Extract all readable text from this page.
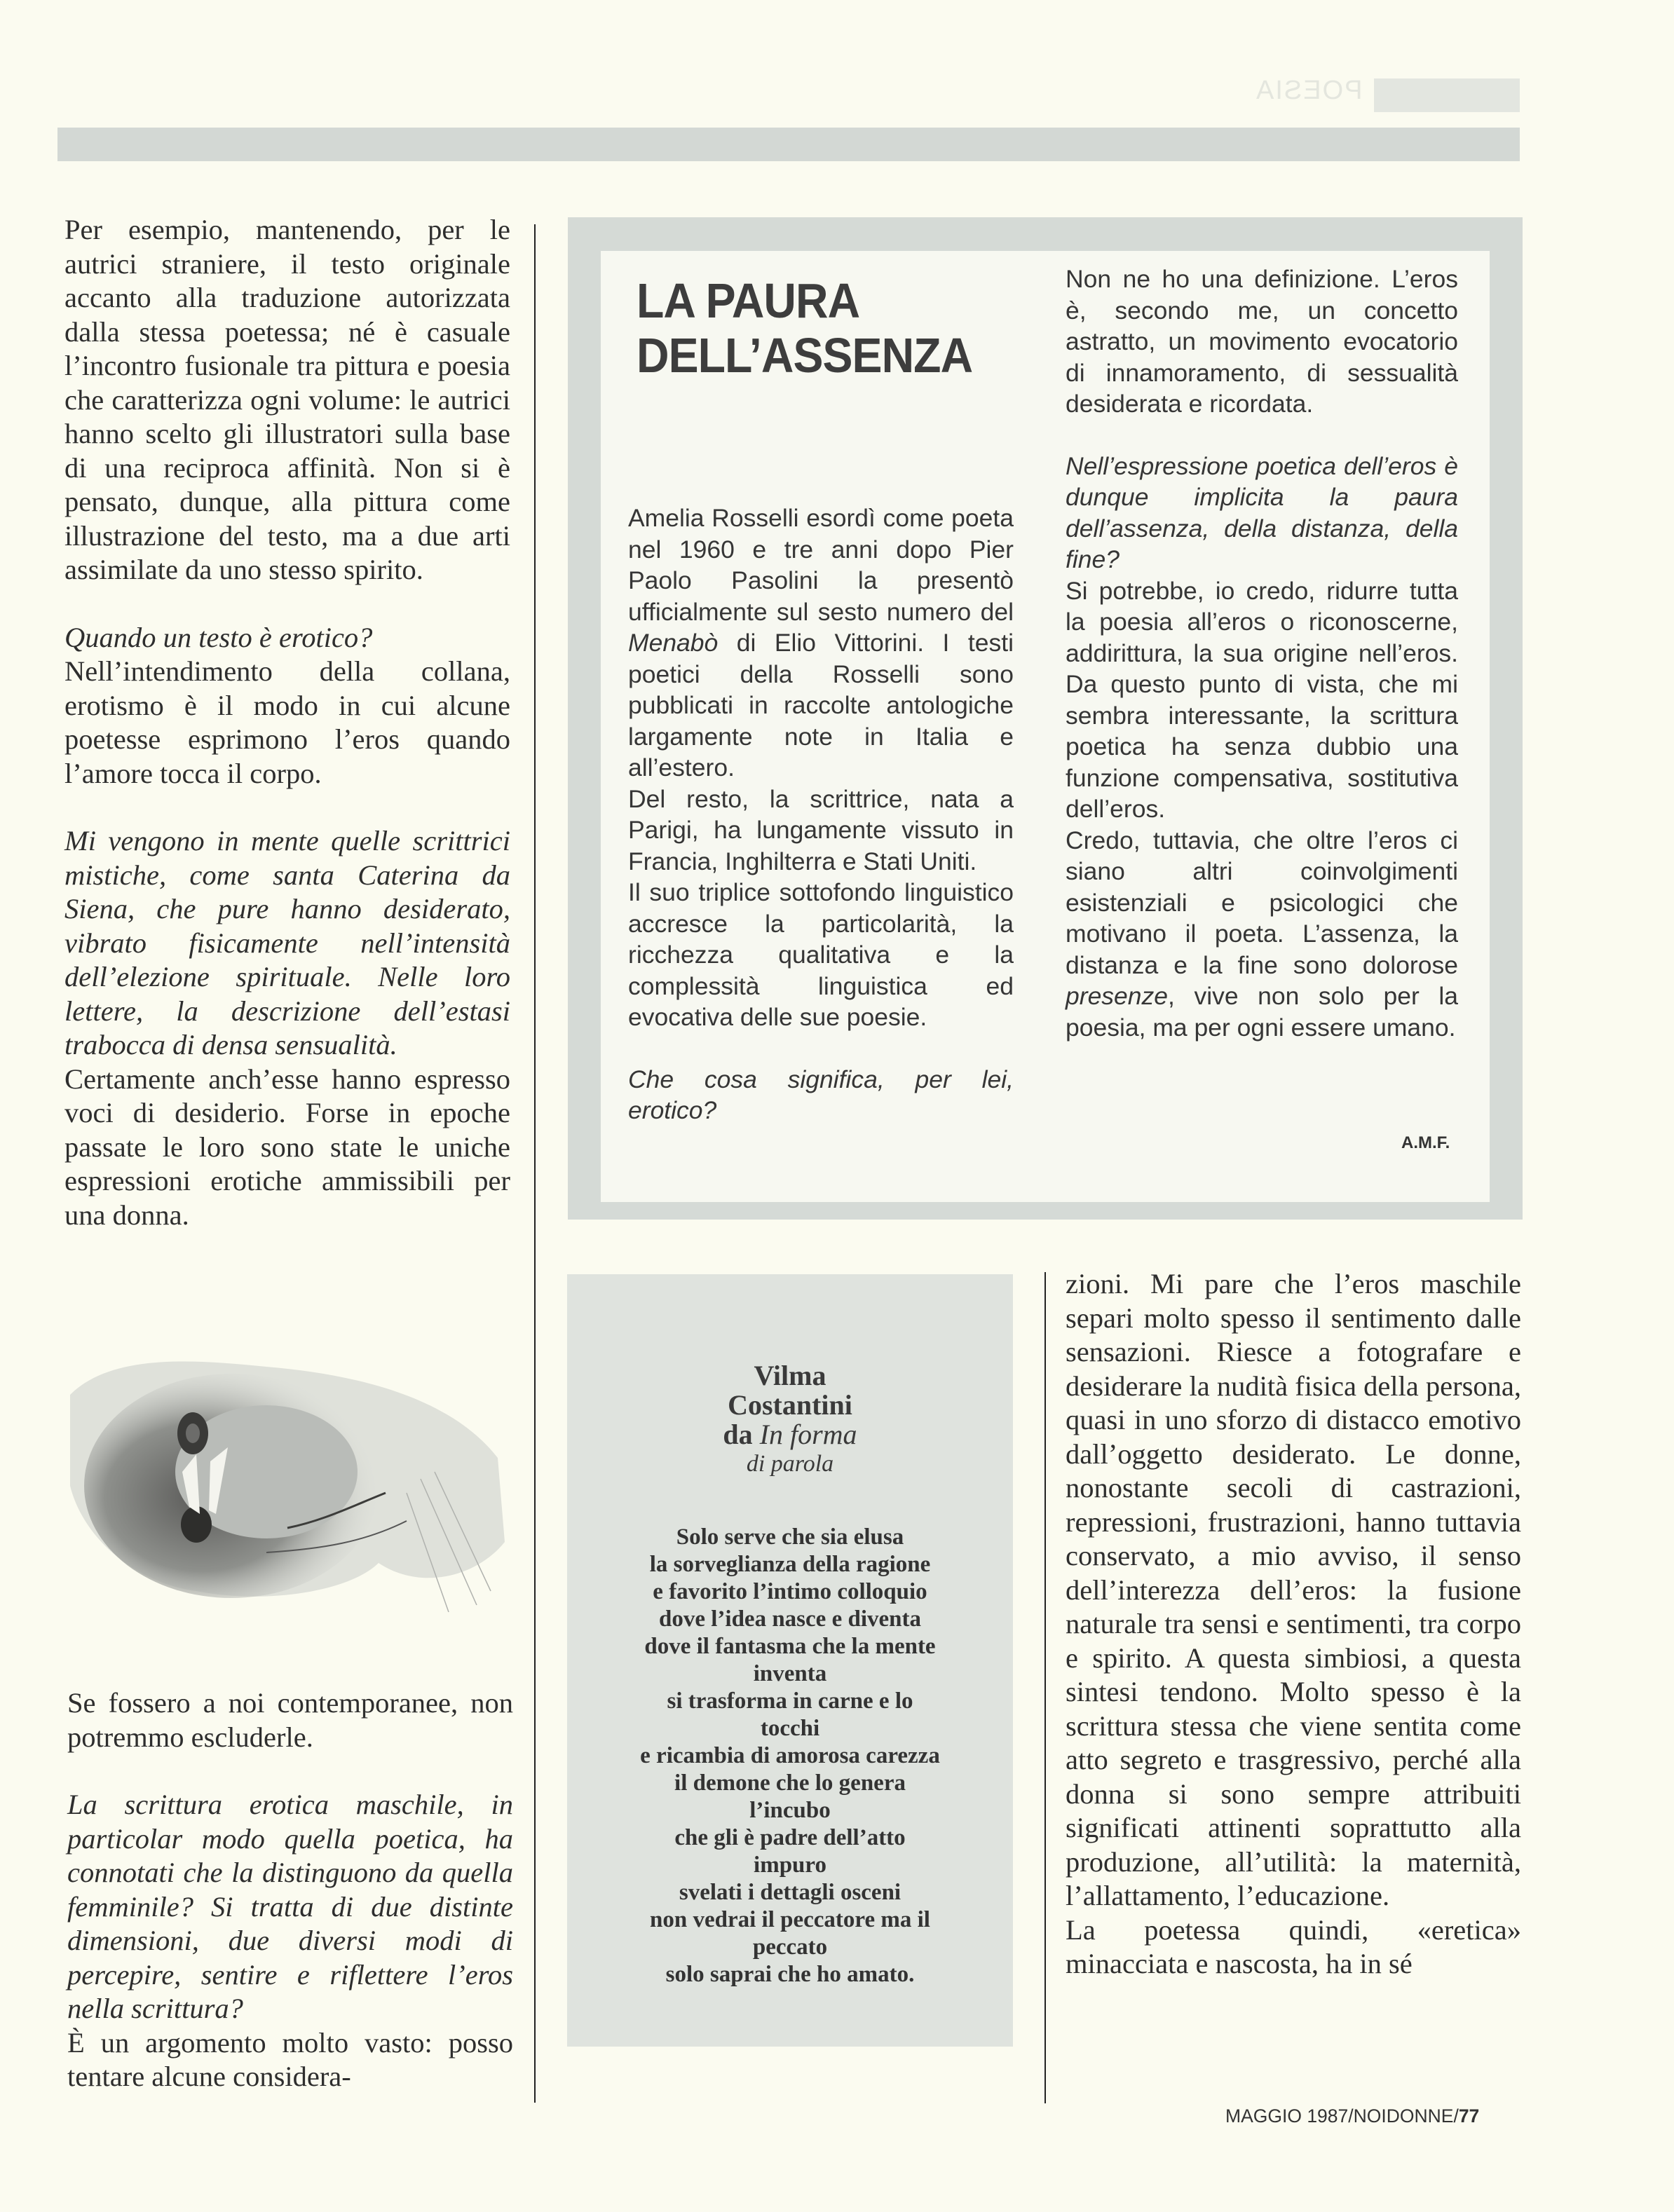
POESIA

Per esempio, mantenendo, per le autrici straniere, il testo originale accanto alla traduzione autorizzata dalla stessa poetessa; né è casuale l’incontro fusionale tra pittura e poesia che caratterizza ogni volume: le autrici hanno scelto gli illustratori sulla base di una reciproca affinità. Non si è pensato, dunque, alla pittura come illustrazione del testo, ma a due arti assimilate da uno stesso spirito.

Quando un testo è erotico?

Nell’intendimento della collana, erotismo è il modo in cui alcune poetesse esprimono l’eros quando l’amore tocca il corpo.

Mi vengono in mente quelle scrittrici mistiche, come santa Caterina da Siena, che pure hanno desiderato, vibrato fisicamente nell’intensità dell’elezione spirituale. Nelle loro lettere, la descrizione dell’estasi trabocca di densa sensualità.

Certamente anch’esse hanno espresso voci di desiderio. Forse in epoche passate le loro sono state le uniche espressioni erotiche ammissibili per una donna.

Se fossero a noi contemporanee, non potremmo escluderle.

La scrittura erotica maschile, in particolar modo quella poetica, ha connotati che la distinguono da quella femminile? Si tratta di due distinte dimensioni, due diversi modi di percepire, sentire e riflettere l’eros nella scrittura?

È un argomento molto vasto: posso tentare alcune considera-

LA PAURA
DELL’ASSENZA

Amelia Rosselli esordì come poeta nel 1960 e tre anni dopo Pier Paolo Pasolini la presentò ufficialmente sul sesto numero del Menabò di Elio Vittorini. I testi poetici della Rosselli sono pubblicati in raccolte antologiche largamente note in Italia e all’estero.

Del resto, la scrittrice, nata a Parigi, ha lungamente vissuto in Francia, Inghilterra e Stati Uniti.

Il suo triplice sottofondo linguistico accresce la particolarità, la ricchezza qualitativa e la complessità linguistica ed evocativa delle sue poesie.

Che cosa significa, per lei, erotico?

Non ne ho una definizione. L’eros è, secondo me, un concetto astratto, un movimento evocatorio di innamoramento, di sessualità desiderata e ricordata.

Nell’espressione poetica dell’eros è dunque implicita la paura dell’assenza, della distanza, della fine?

Si potrebbe, io credo, ridurre tutta la poesia all’eros o riconoscerne, addirittura, la sua origine nell’eros. Da questo punto di vista, che mi sembra interessante, la scrittura poetica ha senza dubbio una funzione compensativa, sostitutiva dell’eros.

Credo, tuttavia, che oltre l’eros ci siano altri coinvolgimenti esistenziali e psicologici che motivano il poeta. L’assenza, la distanza e la fine sono dolorose presenze, vive non solo per la poesia, ma per ogni essere umano.

A.M.F.
Vilma
Costantini
da In forma
di parola
Solo serve che sia elusa
la sorveglianza della ragione
e favorito l’intimo colloquio
dove l’idea nasce e diventa
dove il fantasma che la mente
inventa
si trasforma in carne e lo
tocchi
e ricambia di amorosa carezza
il demone che lo genera
l’incubo
che gli è padre dell’atto
impuro
svelati i dettagli osceni
non vedrai il peccatore ma il
peccato
solo saprai che ho amato.

zioni. Mi pare che l’eros maschile separi molto spesso il sentimento dalle sensazioni. Riesce a fotografare e desiderare la nudità fisica della persona, quasi in uno sforzo di distacco emotivo dall’oggetto desiderato. Le donne, nonostante secoli di castrazioni, repressioni, frustrazioni, hanno tuttavia conservato, a mio avviso, il senso dell’interezza dell’eros: la fusione naturale tra sensi e sentimenti, tra corpo e spirito. A questa simbiosi, a questa sintesi tendono. Molto spesso è la scrittura stessa che viene sentita come atto segreto e trasgressivo, perché alla donna si sono sempre attribuiti significati attinenti soprattutto alla produzione, all’utilità: la maternità, l’allattamento, l’educazione.

La poetessa quindi, «eretica» minacciata e nascosta, ha in sé

MAGGIO 1987/NOIDONNE/77
